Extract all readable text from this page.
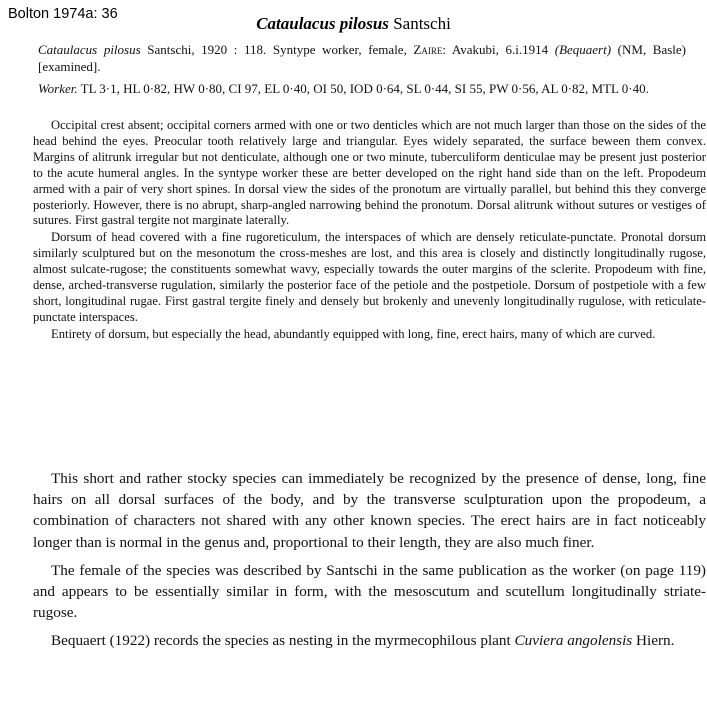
Bolton 1974a: 36	Cataulacus pilosus Santschi
Cataulacus pilosus Santschi, 1920 : 118. Syntype worker, female, Zaire: Avakubi, 6.i.1914 (Bequaert) (NM, Basle) [examined].
Worker. TL 3·1, HL 0·82, HW 0·80, CI 97, EL 0·40, OI 50, IOD 0·64, SL 0·44, SI 55, PW 0·56, AL 0·82, MTL 0·40.

Occipital crest absent; occipital corners armed with one or two denticles which are not much larger than those on the sides of the head behind the eyes. Preocular tooth relatively large and triangular. Eyes widely separated, the surface beween them convex. Margins of alitrunk irregular but not denticulate, although one or two minute, tuberculiform denticulae may be present just posterior to the acute humeral angles. In the syntype worker these are better developed on the right hand side than on the left. Propodeum armed with a pair of very short spines. In dorsal view the sides of the pronotum are virtually parallel, but behind this they converge posteriorly. However, there is no abrupt, sharp-angled narrowing behind the pronotum. Dorsal alitrunk without sutures or vestiges of sutures. First gastral tergite not marginate laterally.

Dorsum of head covered with a fine rugoreticulum, the interspaces of which are densely reticulate-punctate. Pronotal dorsum similarly sculptured but on the mesonotum the cross-meshes are lost, and this area is closely and distinctly longitudinally rugose, almost sulcate-rugose; the constituents somewhat wavy, especially towards the outer margins of the sclerite. Propodeum with fine, dense, arched-transverse rugulation, similarly the posterior face of the petiole and the postpetiole. Dorsum of postpetiole with a few short, longitudinal rugae. First gastral tergite finely and densely but brokenly and unevenly longitudinally rugulose, with reticulate-punctate interspaces.

Entirety of dorsum, but especially the head, abundantly equipped with long, fine, erect hairs, many of which are curved.

This short and rather stocky species can immediately be recognized by the presence of dense, long, fine hairs on all dorsal surfaces of the body, and by the transverse sculpturation upon the propodeum, a combination of characters not shared with any other known species. The erect hairs are in fact noticeably longer than is normal in the genus and, proportional to their length, they are also much finer.

The female of the species was described by Santschi in the same publication as the worker (on page 119) and appears to be essentially similar in form, with the mesoscutum and scutellum longitudinally striate-rugose.

Bequaert (1922) records the species as nesting in the myrmecophilous plant Cuviera angolensis Hiern.
